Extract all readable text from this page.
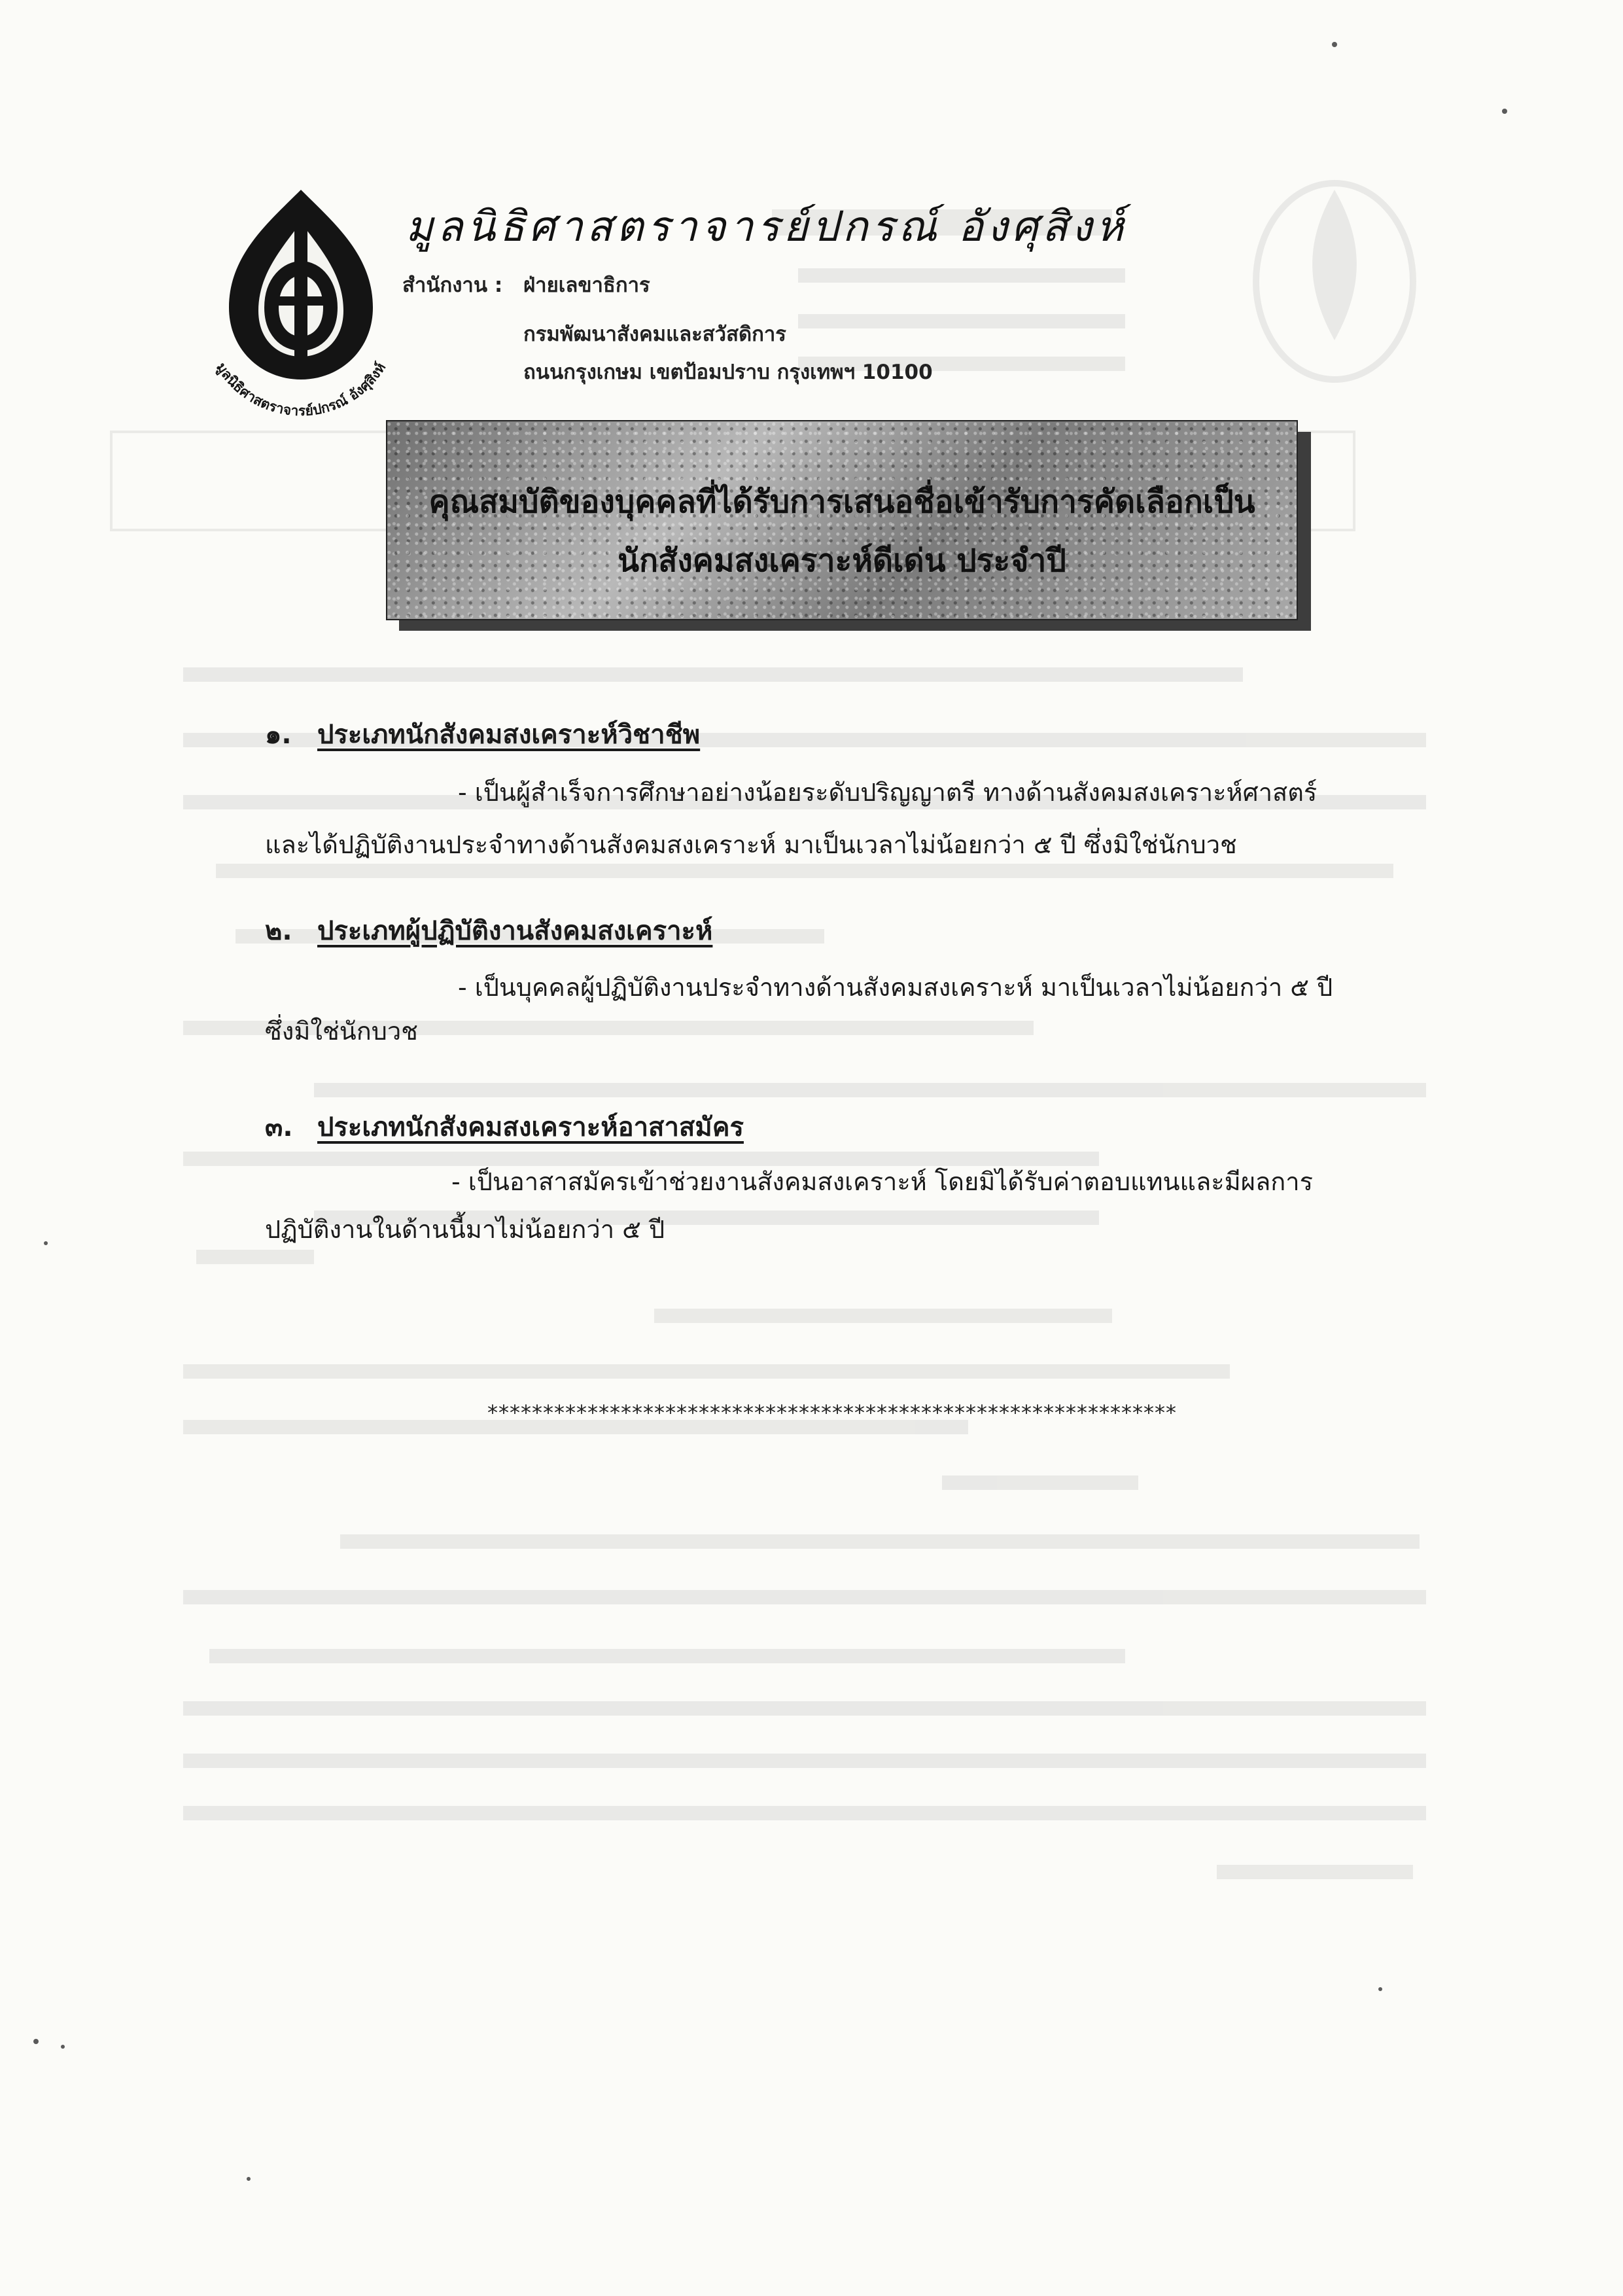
มูลนิธิศาสตราจารย์ปกรณ์ อังศุสิงห์
มูลนิธิศาสตราจารย์ปกรณ์ อังศุสิงห์
สำนักงาน : ฝ่ายเลขาธิการ
กรมพัฒนาสังคมและสวัสดิการ
ถนนกรุงเกษม เขตป้อมปราบ กรุงเทพฯ 10100
คุณสมบัติของบุคคลที่ได้รับการเสนอชื่อเข้ารับการคัดเลือกเป็น
นักสังคมสงเคราะห์ดีเด่น ประจำปี
๑. ประเภทนักสังคมสงเคราะห์วิชาชีพ
- เป็นผู้สำเร็จการศึกษาอย่างน้อยระดับปริญญาตรี ทางด้านสังคมสงเคราะห์ศาสตร์
และได้ปฏิบัติงานประจำทางด้านสังคมสงเคราะห์ มาเป็นเวลาไม่น้อยกว่า ๕ ปี ซึ่งมิใช่นักบวช
๒. ประเภทผู้ปฏิบัติงานสังคมสงเคราะห์
- เป็นบุคคลผู้ปฏิบัติงานประจำทางด้านสังคมสงเคราะห์ มาเป็นเวลาไม่น้อยกว่า ๕ ปี
ซึ่งมิใช่นักบวช
๓. ประเภทนักสังคมสงเคราะห์อาสาสมัคร
- เป็นอาสาสมัครเข้าช่วยงานสังคมสงเคราะห์ โดยมิได้รับค่าตอบแทนและมีผลการ
ปฏิบัติงานในด้านนี้มาไม่น้อยกว่า ๕ ปี
**************************************************************
